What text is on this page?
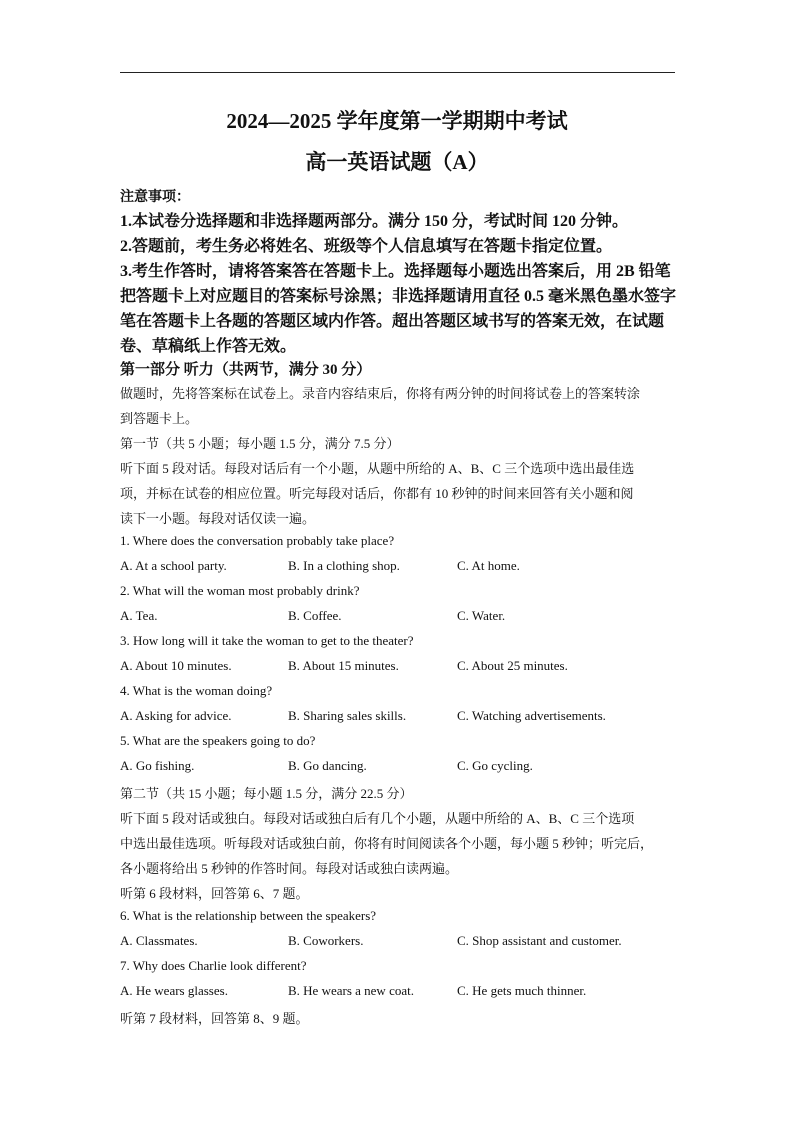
2024—2025 学年度第一学期期中考试
高一英语试题（A）
注意事项：
1.本试卷分选择题和非选择题两部分。满分 150 分，考试时间 120 分钟。
2.答题前，考生务必将姓名、班级等个人信息填写在答题卡指定位置。
3.考生作答时，请将答案答在答题卡上。选择题每小题选出答案后，用 2B 铅笔
把答题卡上对应题目的答案标号涂黑；非选择题请用直径 0.5 毫米黑色墨水签字
笔在答题卡上各题的答题区域内作答。超出答题区域书写的答案无效，在试题
卷、草稿纸上作答无效。
第一部分 听力（共两节，满分 30 分）
做题时，先将答案标在试卷上。录音内容结束后，你将有两分钟的时间将试卷上的答案转涂
到答题卡上。
第一节（共 5 小题；每小题 1.5 分，满分 7.5 分）
听下面 5 段对话。每段对话后有一个小题，从题中所给的 A、B、C 三个选项中选出最佳选
项，并标在试卷的相应位置。听完每段对话后，你都有 10 秒钟的时间来回答有关小题和阅
读下一小题。每段对话仅读一遍。
1. Where does the conversation probably take place?
A. At a school party.	B. In a clothing shop.	C. At home.
2. What will the woman most probably drink?
A. Tea.	B. Coffee.	C. Water.
3. How long will it take the woman to get to the theater?
A. About 10 minutes.	B. About 15 minutes.	C. About 25 minutes.
4. What is the woman doing?
A. Asking for advice.	B. Sharing sales skills.	C. Watching advertisements.
5. What are the speakers going to do?
A. Go fishing.	B. Go dancing.	C. Go cycling.
第二节（共 15 小题；每小题 1.5 分，满分 22.5 分）
听下面 5 段对话或独白。每段对话或独白后有几个小题，从题中所给的 A、B、C 三个选项
中选出最佳选项。听每段对话或独白前，你将有时间阅读各个小题，每小题 5 秒钟；听完后，
各小题将给出 5 秒钟的作答时间。每段对话或独白读两遍。
听第 6 段材料，回答第 6、7 题。
6. What is the relationship between the speakers?
A. Classmates.	B. Coworkers.	C. Shop assistant and customer.
7. Why does Charlie look different?
A. He wears glasses.	B. He wears a new coat.	C. He gets much thinner.
听第 7 段材料，回答第 8、9 题。
